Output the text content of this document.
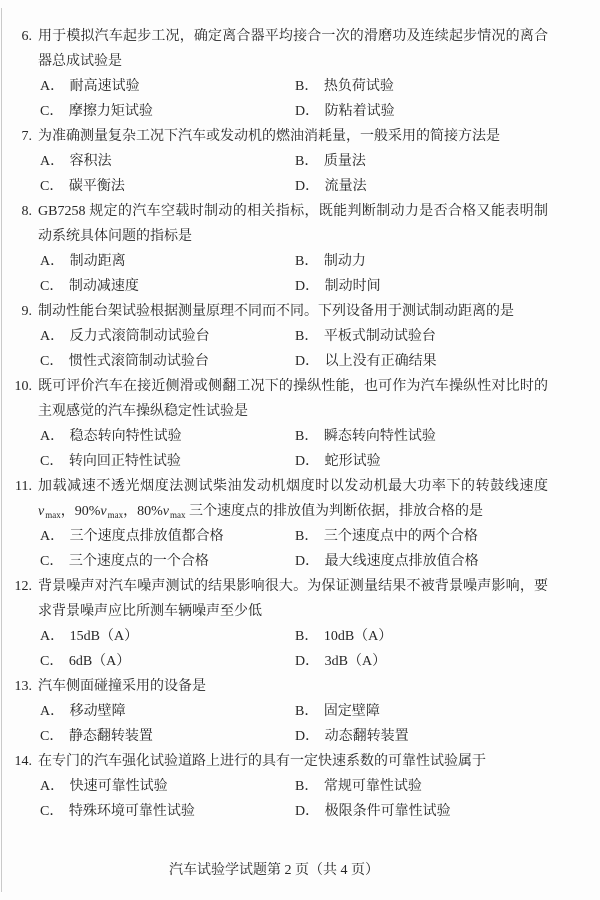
6. 用于模拟汽车起步工况，确定离合器平均接合一次的滑磨功及连续起步情况的离合器总成试验是

A． 耐高速试验	B． 热负荷试验
C． 摩擦力矩试验	D． 防粘着试验
7. 为准确测量复杂工况下汽车或发动机的燃油消耗量，一般采用的简接方法是

A． 容积法	B． 质量法
C． 碳平衡法	D． 流量法
8. GB7258 规定的汽车空载时制动的相关指标，既能判断制动力是否合格又能表明制动系统具体问题的指标是

A． 制动距离	B． 制动力
C． 制动减速度	D． 制动时间
9. 制动性能台架试验根据测量原理不同而不同。下列设备用于测试制动距离的是

A． 反力式滚筒制动试验台	B． 平板式制动试验台
C． 惯性式滚筒制动试验台	D． 以上没有正确结果
10. 既可评价汽车在接近侧滑或侧翻工况下的操纵性能，也可作为汽车操纵性对比时的主观感觉的汽车操纵稳定性试验是

A． 稳态转向特性试验	B． 瞬态转向特性试验
C． 转向回正特性试验	D． 蛇形试验
11. 加载减速不透光烟度法测试柴油发动机烟度时以发动机最大功率下的转鼓线速度$v_{max}$，$90\%v_{max}$，$80\%v_{max}$ 三个速度点的排放值为判断依据，排放合格的是

A． 三个速度点排放值都合格	B． 三个速度点中的两个合格
C． 三个速度点的一个合格	D． 最大线速度点排放值合格
12. 背景噪声对汽车噪声测试的结果影响很大。为保证测量结果不被背景噪声影响，要求背景噪声应比所测车辆噪声至少低

A． 15dB（A）	B． 10dB（A）
C． 6dB（A）	D． 3dB（A）
13. 汽车侧面碰撞采用的设备是

A． 移动壁障	B． 固定壁障
C． 静态翻转装置	D． 动态翻转装置
14. 在专门的汽车强化试验道路上进行的具有一定快速系数的可靠性试验属于

A． 快速可靠性试验	B． 常规可靠性试验
C． 特殊环境可靠性试验	D． 极限条件可靠性试验
汽车试验学试题第 2 页（共 4 页）
